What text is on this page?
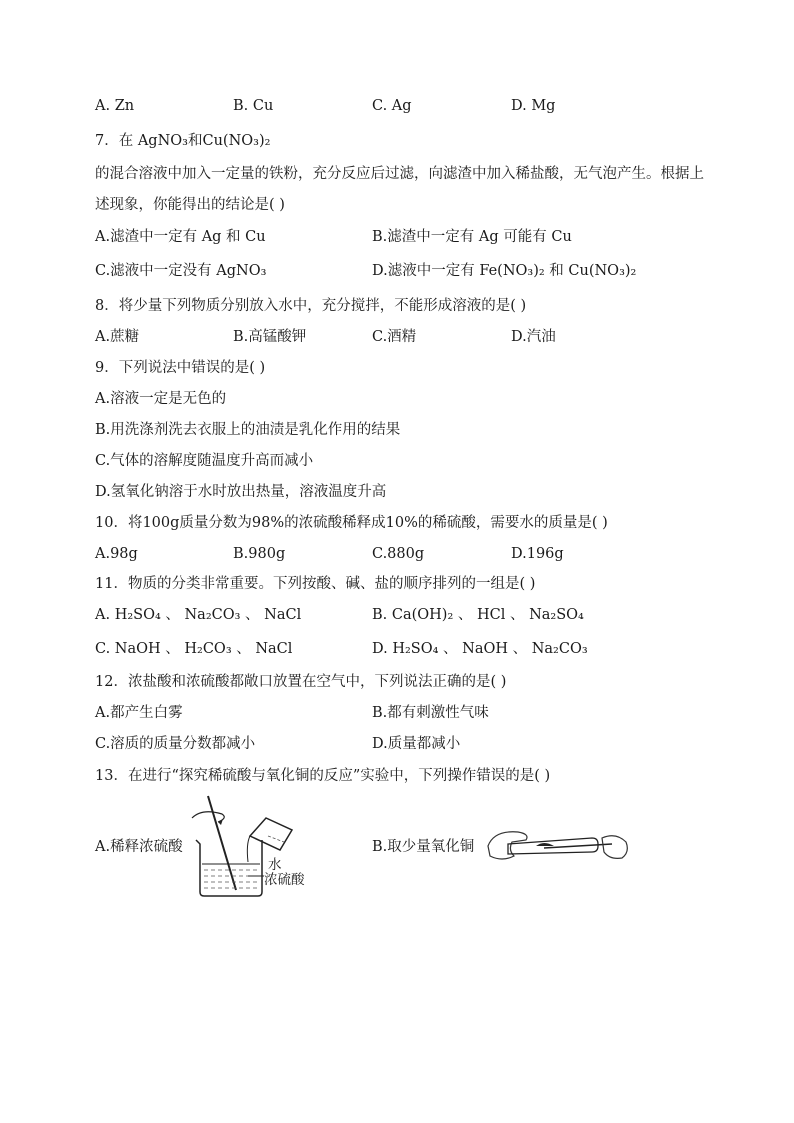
A. Zn	B. Cu	C. Ag	D. Mg
7．在 AgNO₃和Cu(NO₃)₂
的混合溶液中加入一定量的铁粉，充分反应后过滤，向滤渣中加入稀盐酸，无气泡产生。根据上述现象，你能得出的结论是( )
A.滤渣中一定有 Ag 和 Cu	B.滤渣中一定有 Ag 可能有 Cu
C.滤液中一定没有 AgNO₃	D.滤液中一定有 Fe(NO₃)₂ 和 Cu(NO₃)₂
8．将少量下列物质分别放入水中，充分搅拌，不能形成溶液的是( )
A.蔗糖	B.高锰酸钾	C.酒精	D.汽油
9．下列说法中错误的是( )
A.溶液一定是无色的
B.用洗涤剂洗去衣服上的油渍是乳化作用的结果
C.气体的溶解度随温度升高而减小
D.氢氧化钠溶于水时放出热量，溶液温度升高
10．将100g质量分数为98%的浓硫酸稀释成10%的稀硫酸，需要水的质量是( )
A.98g	B.980g	C.880g	D.196g
11．物质的分类非常重要。下列按酸、碱、盐的顺序排列的一组是( )
A. H₂SO₄ 、 Na₂CO₃ 、 NaCl	B. Ca(OH)₂ 、 HCl 、 Na₂SO₄
C. NaOH 、 H₂CO₃ 、 NaCl	D. H₂SO₄ 、 NaOH 、 Na₂CO₃
12．浓盐酸和浓硫酸都敞口放置在空气中，下列说法正确的是( )
A.都产生白雾	B.都有刺激性气味
C.溶质的质量分数都减小	D.质量都减小
13．在进行“探究稀硫酸与氧化铜的反应”实验中，下列操作错误的是( )
A.稀释浓硫酸	B.取少量氧化铜
水
浓硫酸
